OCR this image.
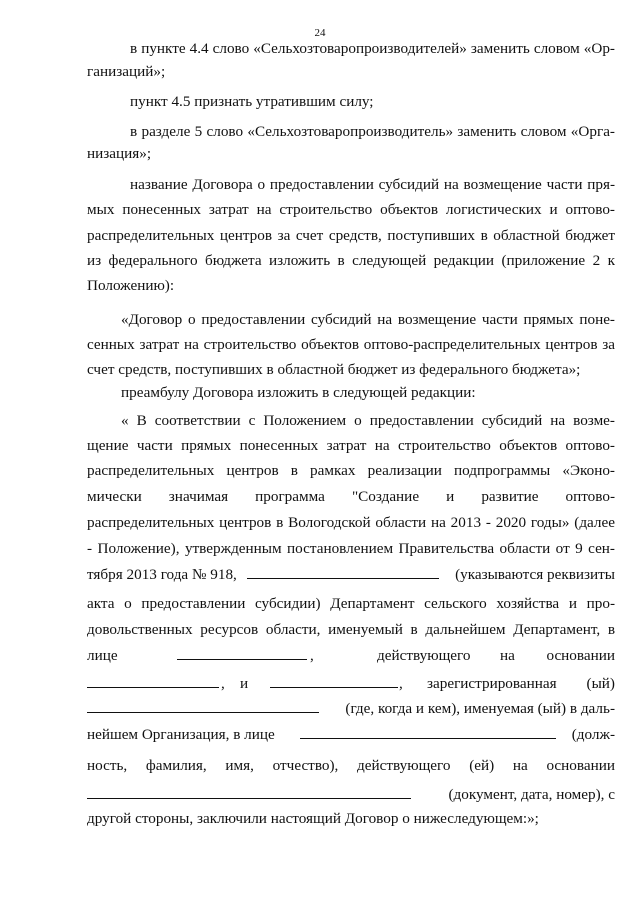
24
в пункте 4.4 слово «Сельхозтоваропроизводителей» заменить словом «Ор-
ганизаций»;
пункт 4.5 признать утратившим силу;
в разделе 5 слово «Сельхозтоваропроизводитель» заменить словом «Орга-
низация»;
название Договора о предоставлении субсидий на возмещение части пря-
мых понесенных затрат на строительство объектов логистических и оптово-
распределительных центров за счет средств, поступивших в областной бюджет
из федерального бюджета изложить в следующей редакции (приложение 2 к
Положению):
«Договор о предоставлении субсидий на возмещение части прямых поне-
сенных затрат на строительство объектов оптово-распределительных центров за
счет средств, поступивших в областной бюджет из федерального бюджета»;
преамбулу Договора изложить в следующей редакции:
« В соответствии с Положением о предоставлении субсидий на возме-
щение части прямых понесенных затрат на строительство объектов оптово-
распределительных центров в рамках реализации подпрограммы «Эконо-
мически значимая программа "Создание и развитие оптово-
распределительных центров в Вологодской области на 2013 - 2020 годы» (далее
- Положение), утвержденным постановлением Правительства области от 9 сен-
тября 2013 года № 918,	(указываются реквизиты
акта о предоставлении субсидии) Департамент сельского хозяйства и про-
довольственных ресурсов области, именуемый в дальнейшем Департамент, в
лице	,	действующего на основании
, и	, зарегистрированная (ый)
(где, когда и кем), именуемая (ый) в даль-
нейшем Организация, в лице	(долж-
ность, фамилия, имя, отчество), действующего (ей) на основании
(документ, дата, номер), с
другой стороны, заключили настоящий Договор о нижеследующем:»;
